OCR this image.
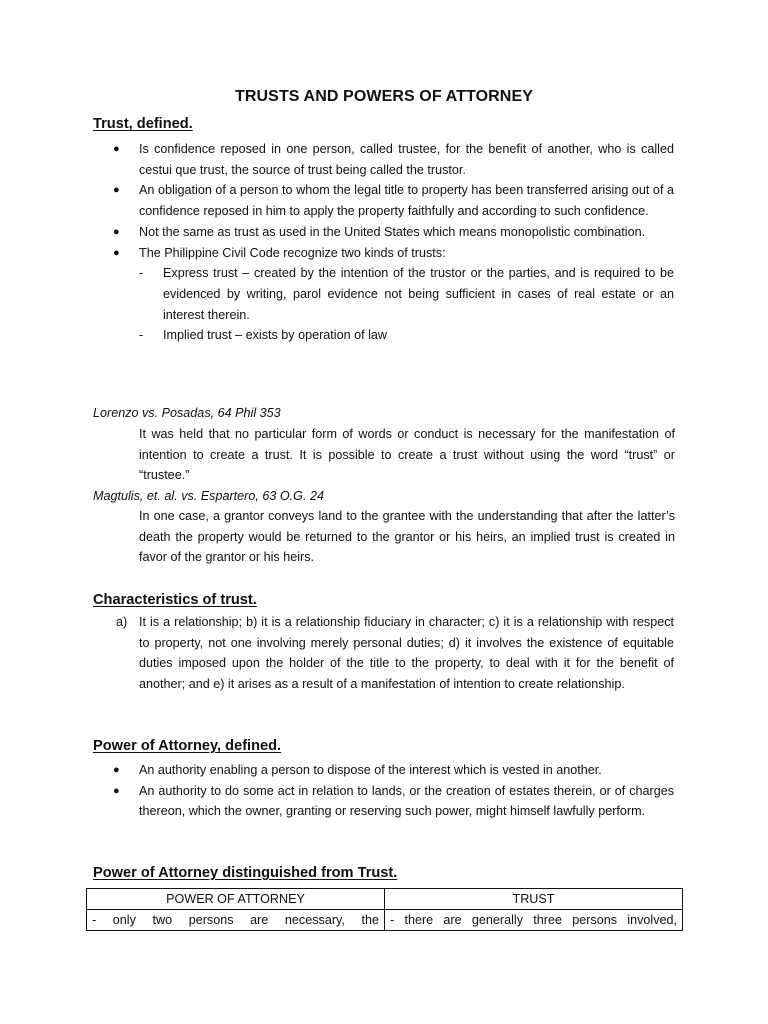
TRUSTS AND POWERS OF ATTORNEY
Trust, defined.
● Is confidence reposed in one person, called trustee, for the benefit of another, who is called cestui que trust, the source of trust being called the trustor.
● An obligation of a person to whom the legal title to property has been transferred arising out of a confidence reposed in him to apply the property faithfully and according to such confidence.
● Not the same as trust as used in the United States which means monopolistic combination.
● The Philippine Civil Code recognize two kinds of trusts:
- Express trust – created by the intention of the trustor or the parties, and is required to be evidenced by writing, parol evidence not being sufficient in cases of real estate or an interest therein.
- Implied trust – exists by operation of law
Lorenzo vs. Posadas, 64 Phil 353
It was held that no particular form of words or conduct is necessary for the manifestation of intention to create a trust. It is possible to create a trust without using the word “trust” or “trustee.”
Magtulis, et. al. vs. Espartero, 63 O.G. 24
In one case, a grantor conveys land to the grantee with the understanding that after the latter’s death the property would be returned to the grantor or his heirs, an implied trust is created in favor of the grantor or his heirs.
Characteristics of trust.
a) It is a relationship; b) it is a relationship fiduciary in character; c) it is a relationship with respect to property, not one involving merely personal duties; d) it involves the existence of equitable duties imposed upon the holder of the title to the property, to deal with it for the benefit of another; and e) it arises as a result of a manifestation of intention to create relationship.
Power of Attorney, defined.
● An authority enabling a person to dispose of the interest which is vested in another.
● An authority to do some act in relation to lands, or the creation of estates therein, or of charges thereon, which the owner, granting or reserving such power, might himself lawfully perform.
Power of Attorney distinguished from Trust.
POWER OF ATTORNEY	TRUST
- only two persons are necessary, the	- there are generally three persons involved,
